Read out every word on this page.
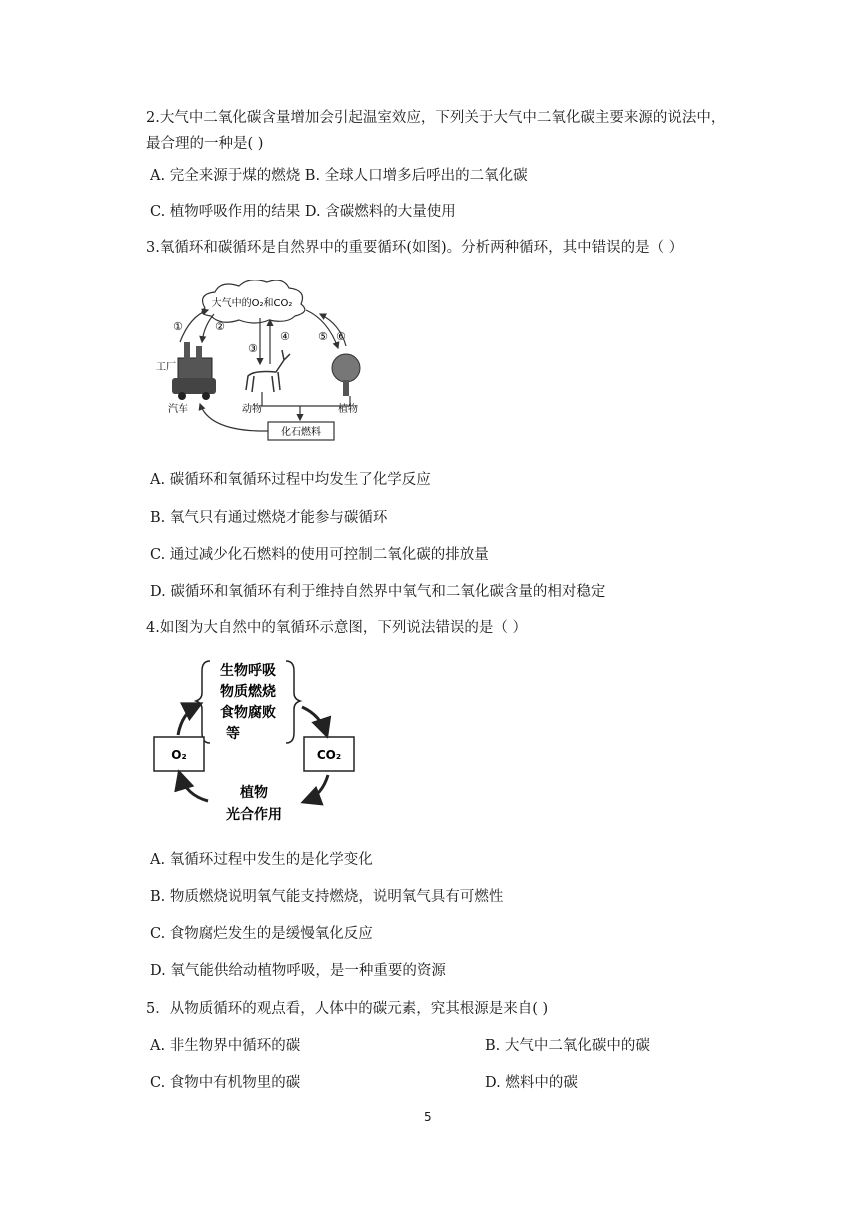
2.大气中二氧化碳含量增加会引起温室效应，下列关于大气中二氧化碳主要来源的说法中，
最合理的一种是( )
A. 完全来源于煤的燃烧 B. 全球人口增多后呼出的二氧化碳
C. 植物呼吸作用的结果 D. 含碳燃料的大量使用
3.氧循环和碳循环是自然界中的重要循环(如图)。分析两种循环，其中错误的是（ ）
大气中的O₂和CO₂
①	②
③
④	⑤ ⑥
工厂
汽车	动物	植物
化石燃料
A. 碳循环和氧循环过程中均发生了化学反应
B. 氧气只有通过燃烧才能参与碳循环
C. 通过减少化石燃料的使用可控制二氧化碳的排放量
D. 碳循环和氧循环有利于维持自然界中氧气和二氧化碳含量的相对稳定
4.如图为大自然中的氧循环示意图，下列说法错误的是（ ）
生物呼吸
物质燃烧
食物腐败
等
O₂	CO₂
植物
光合作用
A. 氧循环过程中发生的是化学变化
B. 物质燃烧说明氧气能支持燃烧，说明氧气具有可燃性
C. 食物腐烂发生的是缓慢氧化反应
D. 氧气能供给动植物呼吸，是一种重要的资源
5．从物质循环的观点看，人体中的碳元素，究其根源是来自( )
A. 非生物界中循环的碳	B. 大气中二氧化碳中的碳
C. 食物中有机物里的碳	D. 燃料中的碳
5
